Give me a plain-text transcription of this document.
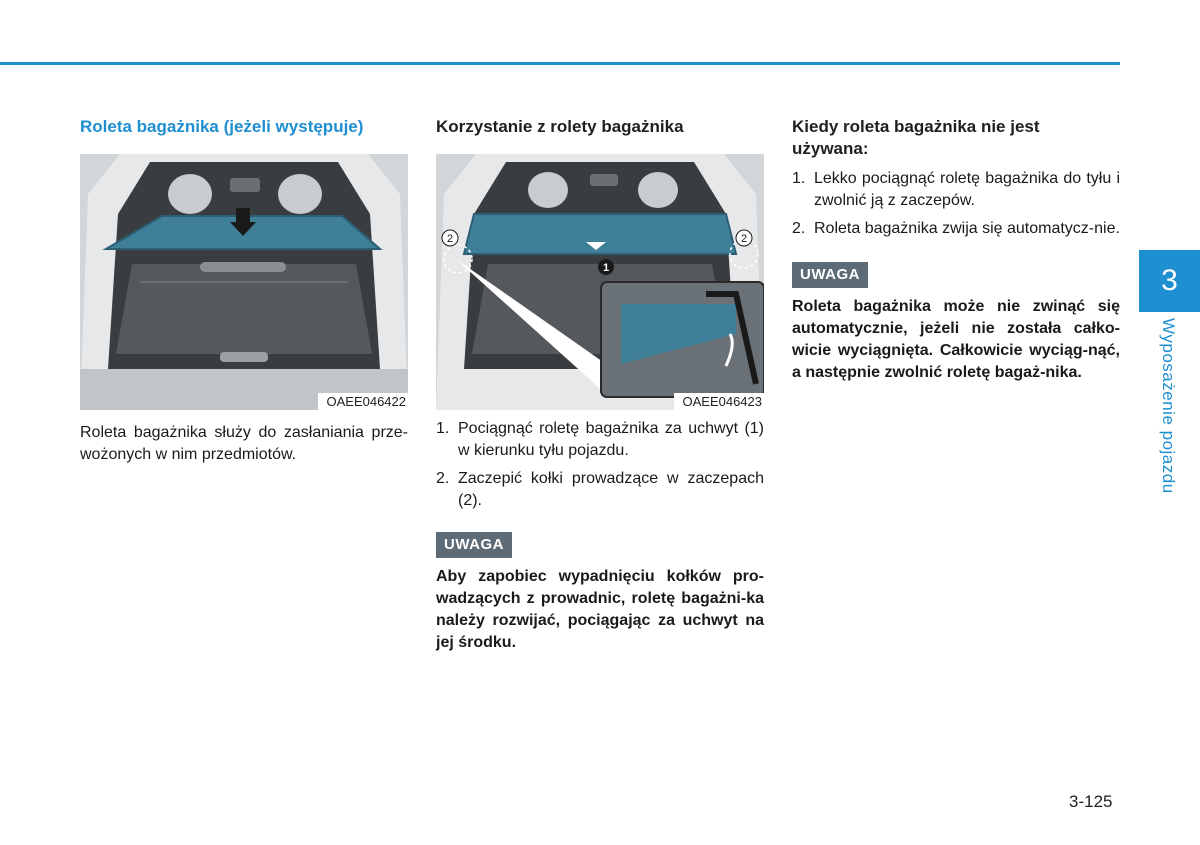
Roleta bagażnika (jeżeli występuje)
OAEE046422

Roleta bagażnika służy do zasłaniania prze-wożonych w nim przedmiotów.

Korzystanie z rolety bagażnika
1
2	2
OAEE046423
1. Pociągnąć roletę bagażnika za uchwyt (1) w kierunku tyłu pojazdu.
2. Zaczepić kołki prowadzące w zaczepach (2).
UWAGA

Aby zapobiec wypadnięciu kołków pro-wadzących z prowadnic, roletę bagażni-ka należy rozwijać, pociągając za uchwyt na jej środku.

Kiedy roleta bagażnika nie jest używana:
1. Lekko pociągnąć roletę bagażnika do tyłu i zwolnić ją z zaczepów.
2. Roleta bagażnika zwija się automatycz-nie.
UWAGA

Roleta bagażnika może nie zwinąć się automatycznie, jeżeli nie została całko-wicie wyciągnięta. Całkowicie wyciąg-nąć, a następnie zwolnić roletę bagaż-nika.

3
Wyposażenie pojazdu
3-125
